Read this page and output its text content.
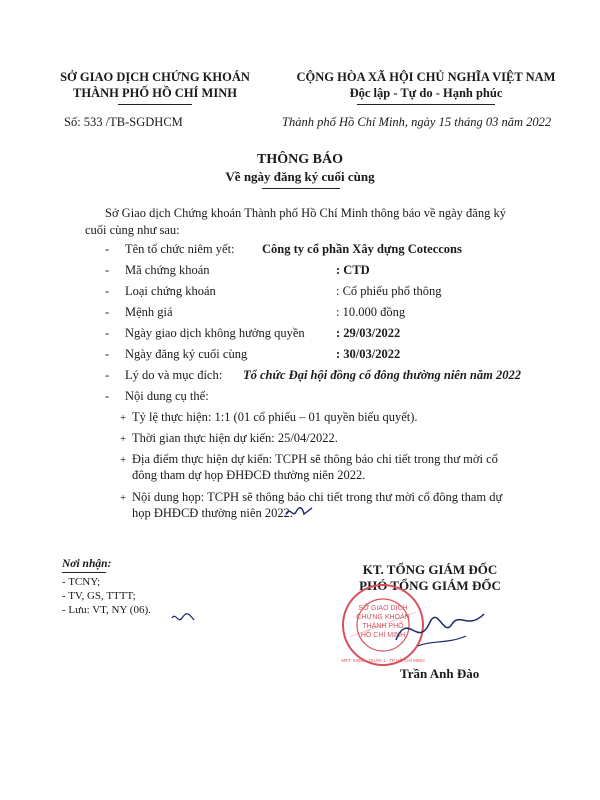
SỞ GIAO DỊCH CHỨNG KHOÁN
THÀNH PHỐ HỒ CHÍ MINH
Số: 533 /TB-SGDHCM
CỘNG HÒA XÃ HỘI CHỦ NGHĨA VIỆT NAM
Độc lập - Tự do - Hạnh phúc
Thành phố Hồ Chí Minh, ngày 15 tháng 03 năm 2022
THÔNG BÁO
Về ngày đăng ký cuối cùng
Sở Giao dịch Chứng khoán Thành phố Hồ Chí Minh thông báo về ngày đăng ký
cuối cùng như sau:
- Tên tổ chức niêm yết: Công ty cổ phần Xây dựng Coteccons
- Mã chứng khoán	: CTD
- Loại chứng khoán	: Cổ phiếu phổ thông
- Mệnh giá	: 10.000 đồng
- Ngày giao dịch không hưởng quyền	: 29/03/2022
- Ngày đăng ký cuối cùng	: 30/03/2022
- Lý do và mục đích: Tổ chức Đại hội đồng cổ đông thường niên năm 2022
- Nội dung cụ thể:
+ Tỷ lệ thực hiện: 1:1 (01 cổ phiếu – 01 quyền biểu quyết).
+ Thời gian thực hiện dự kiến: 25/04/2022.
+ Địa điểm thực hiện dự kiến: TCPH sẽ thông báo chi tiết trong thư mời cổ
đông tham dự họp ĐHĐCĐ thường niên 2022.
+ Nội dung họp: TCPH sẽ thông báo chi tiết trong thư mời cổ đông tham dự
họp ĐHĐCĐ thường niên 2022.
Nơi nhận:
- TCNY;
- TV, GS, TTTT;
- Lưu: VT, NY (06).
KT. TỔNG GIÁM ĐỐC
PHÓ TỔNG GIÁM ĐỐC
SỞ GIAO DỊCH
CHỨNG KHOÁN
THÀNH PHỐ
HỒ CHÍ MINH
MST: 0305… QUẬN 1 - TP HỒ CHÍ MINH
Trần Anh Đào
